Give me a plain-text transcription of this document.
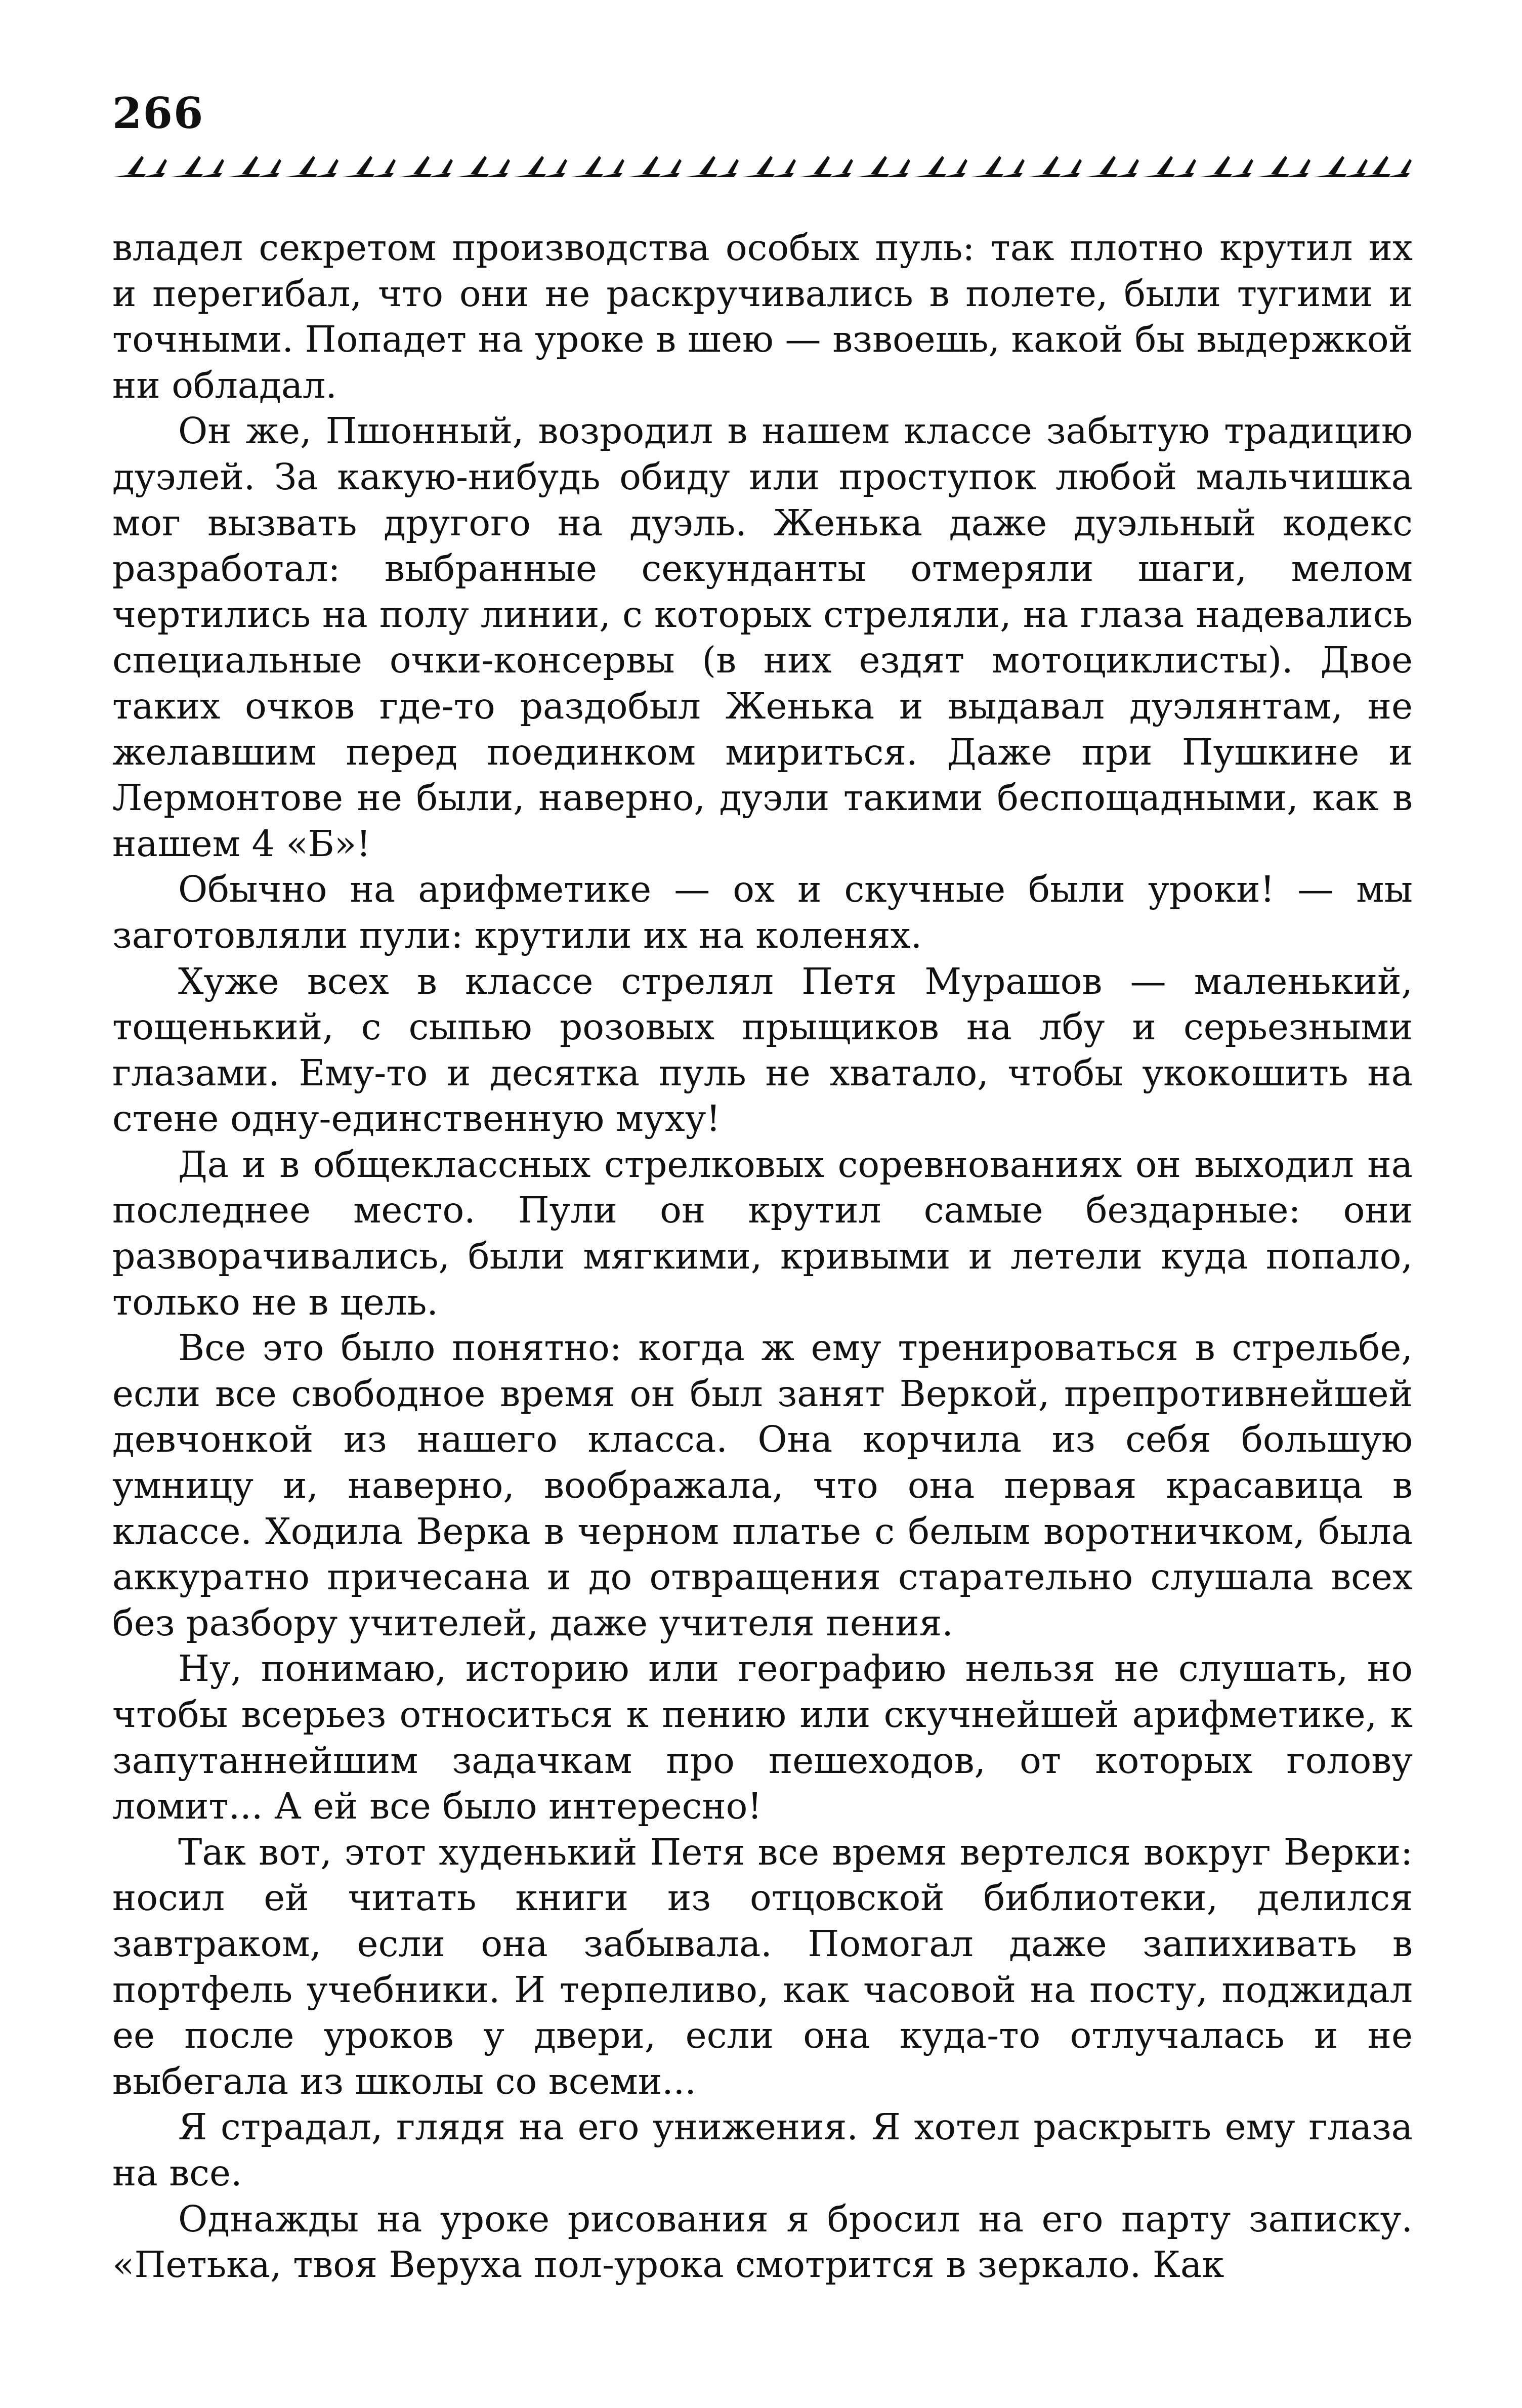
266

владел секретом производства особых пуль: так плотно крутил их и перегибал, что они не раскручивались в полете, были тугими и точными. Попадет на уроке в шею — взвоешь, какой бы выдержкой ни обладал.

Он же, Пшонный, возродил в нашем классе забытую традицию дуэлей. За какую-нибудь обиду или проступок любой мальчишка мог вызвать другого на дуэль. Женька даже дуэльный кодекс разработал: выбранные секунданты отмеряли шаги, мелом чертились на полу линии, с которых стреляли, на глаза надевались специальные очки-консервы (в них ездят мотоциклисты). Двое таких очков где-то раздобыл Женька и выдавал дуэлянтам, не желавшим перед поединком мириться. Даже при Пушкине и Лермонтове не были, наверно, дуэли такими беспощадными, как в нашем 4 «Б»!

Обычно на арифметике — ох и скучные были уроки! — мы заготовляли пули: крутили их на коленях.

Хуже всех в классе стрелял Петя Мурашов — маленький, тощенький, с сыпью розовых прыщиков на лбу и серьезными глазами. Ему-то и десятка пуль не хватало, чтобы укокошить на стене одну-единственную муху!

Да и в общеклассных стрелковых соревнованиях он выходил на последнее место. Пули он крутил самые бездарные: они разворачивались, были мягкими, кривыми и летели куда попало, только не в цель.

Все это было понятно: когда ж ему тренироваться в стрельбе, если все свободное время он был занят Веркой, препротивнейшей девчонкой из нашего класса. Она корчила из себя большую умницу и, наверно, воображала, что она первая красавица в классе. Ходила Верка в черном платье с белым воротничком, была аккуратно причесана и до отвращения старательно слушала всех без разбору учителей, даже учителя пения.

Ну, понимаю, историю или географию нельзя не слушать, но чтобы всерьез относиться к пению или скучнейшей арифметике, к запутаннейшим задачкам про пешеходов, от которых голову ломит... А ей все было интересно!

Так вот, этот худенький Петя все время вертелся вокруг Верки: носил ей читать книги из отцовской библиотеки, делился завтраком, если она забывала. Помогал даже запихивать в портфель учебники. И терпеливо, как часовой на посту, поджидал ее после уроков у двери, если она куда-то отлучалась и не выбегала из школы со всеми...

Я страдал, глядя на его унижения. Я хотел раскрыть ему глаза на все.

Однажды на уроке рисования я бросил на его парту записку. «Петька, твоя Веруха пол-урока смотрится в зеркало. Как
